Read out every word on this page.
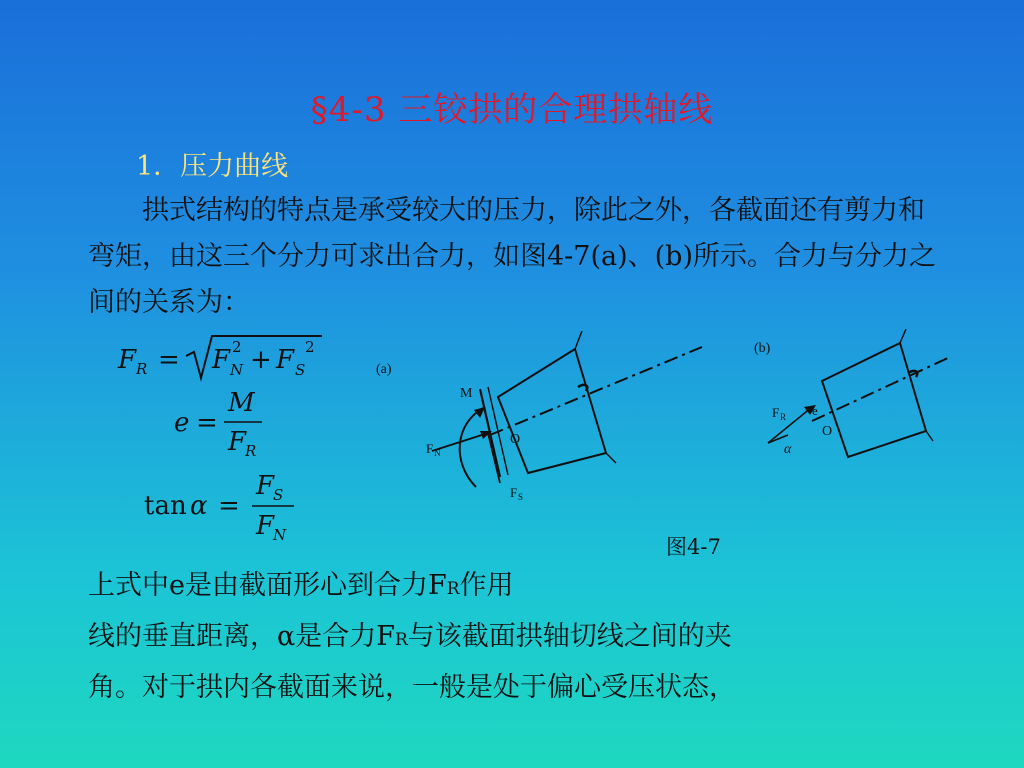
§4-3 三铰拱的合理拱轴线
1．压力曲线

拱式结构的特点是承受较大的压力，除此之外，各截面还有剪力和弯矩，由这三个分力可求出合力，如图4-7(a)、(b)所示。合力与分力之间的关系为：

F R = F 2
N + F 2
S
e =
M
F
R
tan α =
F
S
F
N
(a)
M
O
F N
F S
(b)
F R e
O
α
图4-7

上式中e是由截面形心到合力FR作用
线的垂直距离，α是合力FR与该截面拱轴切线之间的夹
角。对于拱内各截面来说，一般是处于偏心受压状态，
